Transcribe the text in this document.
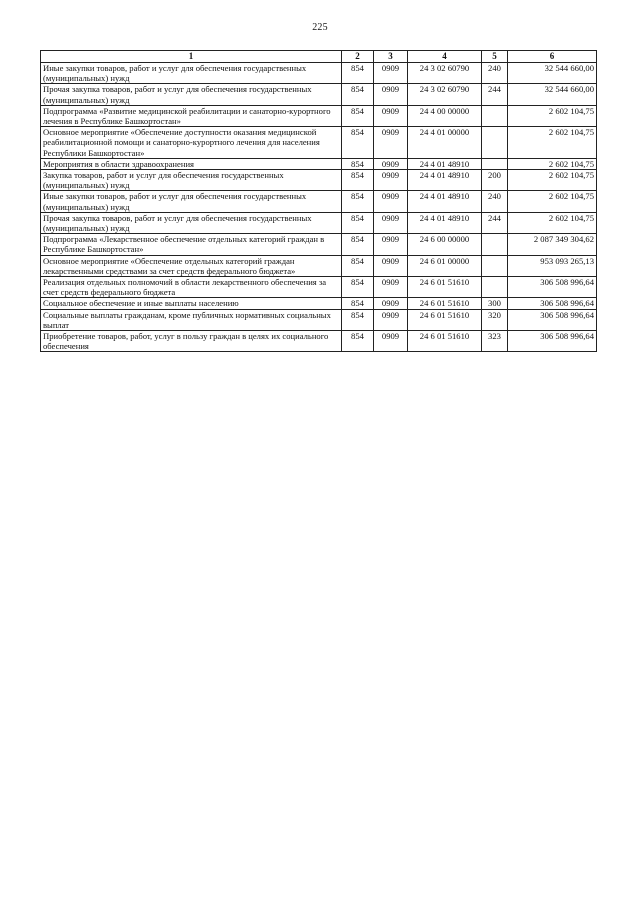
225
1	2	3	4	5	6
Иные закупки товаров, работ и услуг для обеспечения государственных (муниципальных) нужд	854	0909	24 3 02 60790	240	32 544 660,00
Прочая закупка товаров, работ и услуг для обеспечения государственных (муниципальных) нужд	854	0909	24 3 02 60790	244	32 544 660,00
Подпрограмма «Развитие медицинской реабилитации и санаторно-курортного лечения в Республике Башкортостан»	854	0909	24 4 00 00000		2 602 104,75
Основное мероприятие «Обеспечение доступности оказания медицинской реабилитационной помощи и санаторно-курортного лечения для населения Республики Башкортостан»	854	0909	24 4 01 00000		2 602 104,75
Мероприятия в области здравоохранения	854	0909	24 4 01 48910		2 602 104,75
Закупка товаров, работ и услуг для обеспечения государственных (муниципальных) нужд	854	0909	24 4 01 48910	200	2 602 104,75
Иные закупки товаров, работ и услуг для обеспечения государственных (муниципальных) нужд	854	0909	24 4 01 48910	240	2 602 104,75
Прочая закупка товаров, работ и услуг для обеспечения государственных (муниципальных) нужд	854	0909	24 4 01 48910	244	2 602 104,75
Подпрограмма «Лекарственное обеспечение отдельных категорий граждан в Республике Башкортостан»	854	0909	24 6 00 00000		2 087 349 304,62
Основное мероприятие «Обеспечение отдельных категорий граждан лекарственными средствами за счет средств федерального бюджета»	854	0909	24 6 01 00000		953 093 265,13
Реализация отдельных полномочий в области лекарственного обеспечения за счет средств федерального бюджета	854	0909	24 6 01 51610		306 508 996,64
Социальное обеспечение и иные выплаты населению	854	0909	24 6 01 51610	300	306 508 996,64
Социальные выплаты гражданам, кроме публичных нормативных социальных выплат	854	0909	24 6 01 51610	320	306 508 996,64
Приобретение товаров, работ, услуг в пользу граждан в целях их социального обеспечения	854	0909	24 6 01 51610	323	306 508 996,64
